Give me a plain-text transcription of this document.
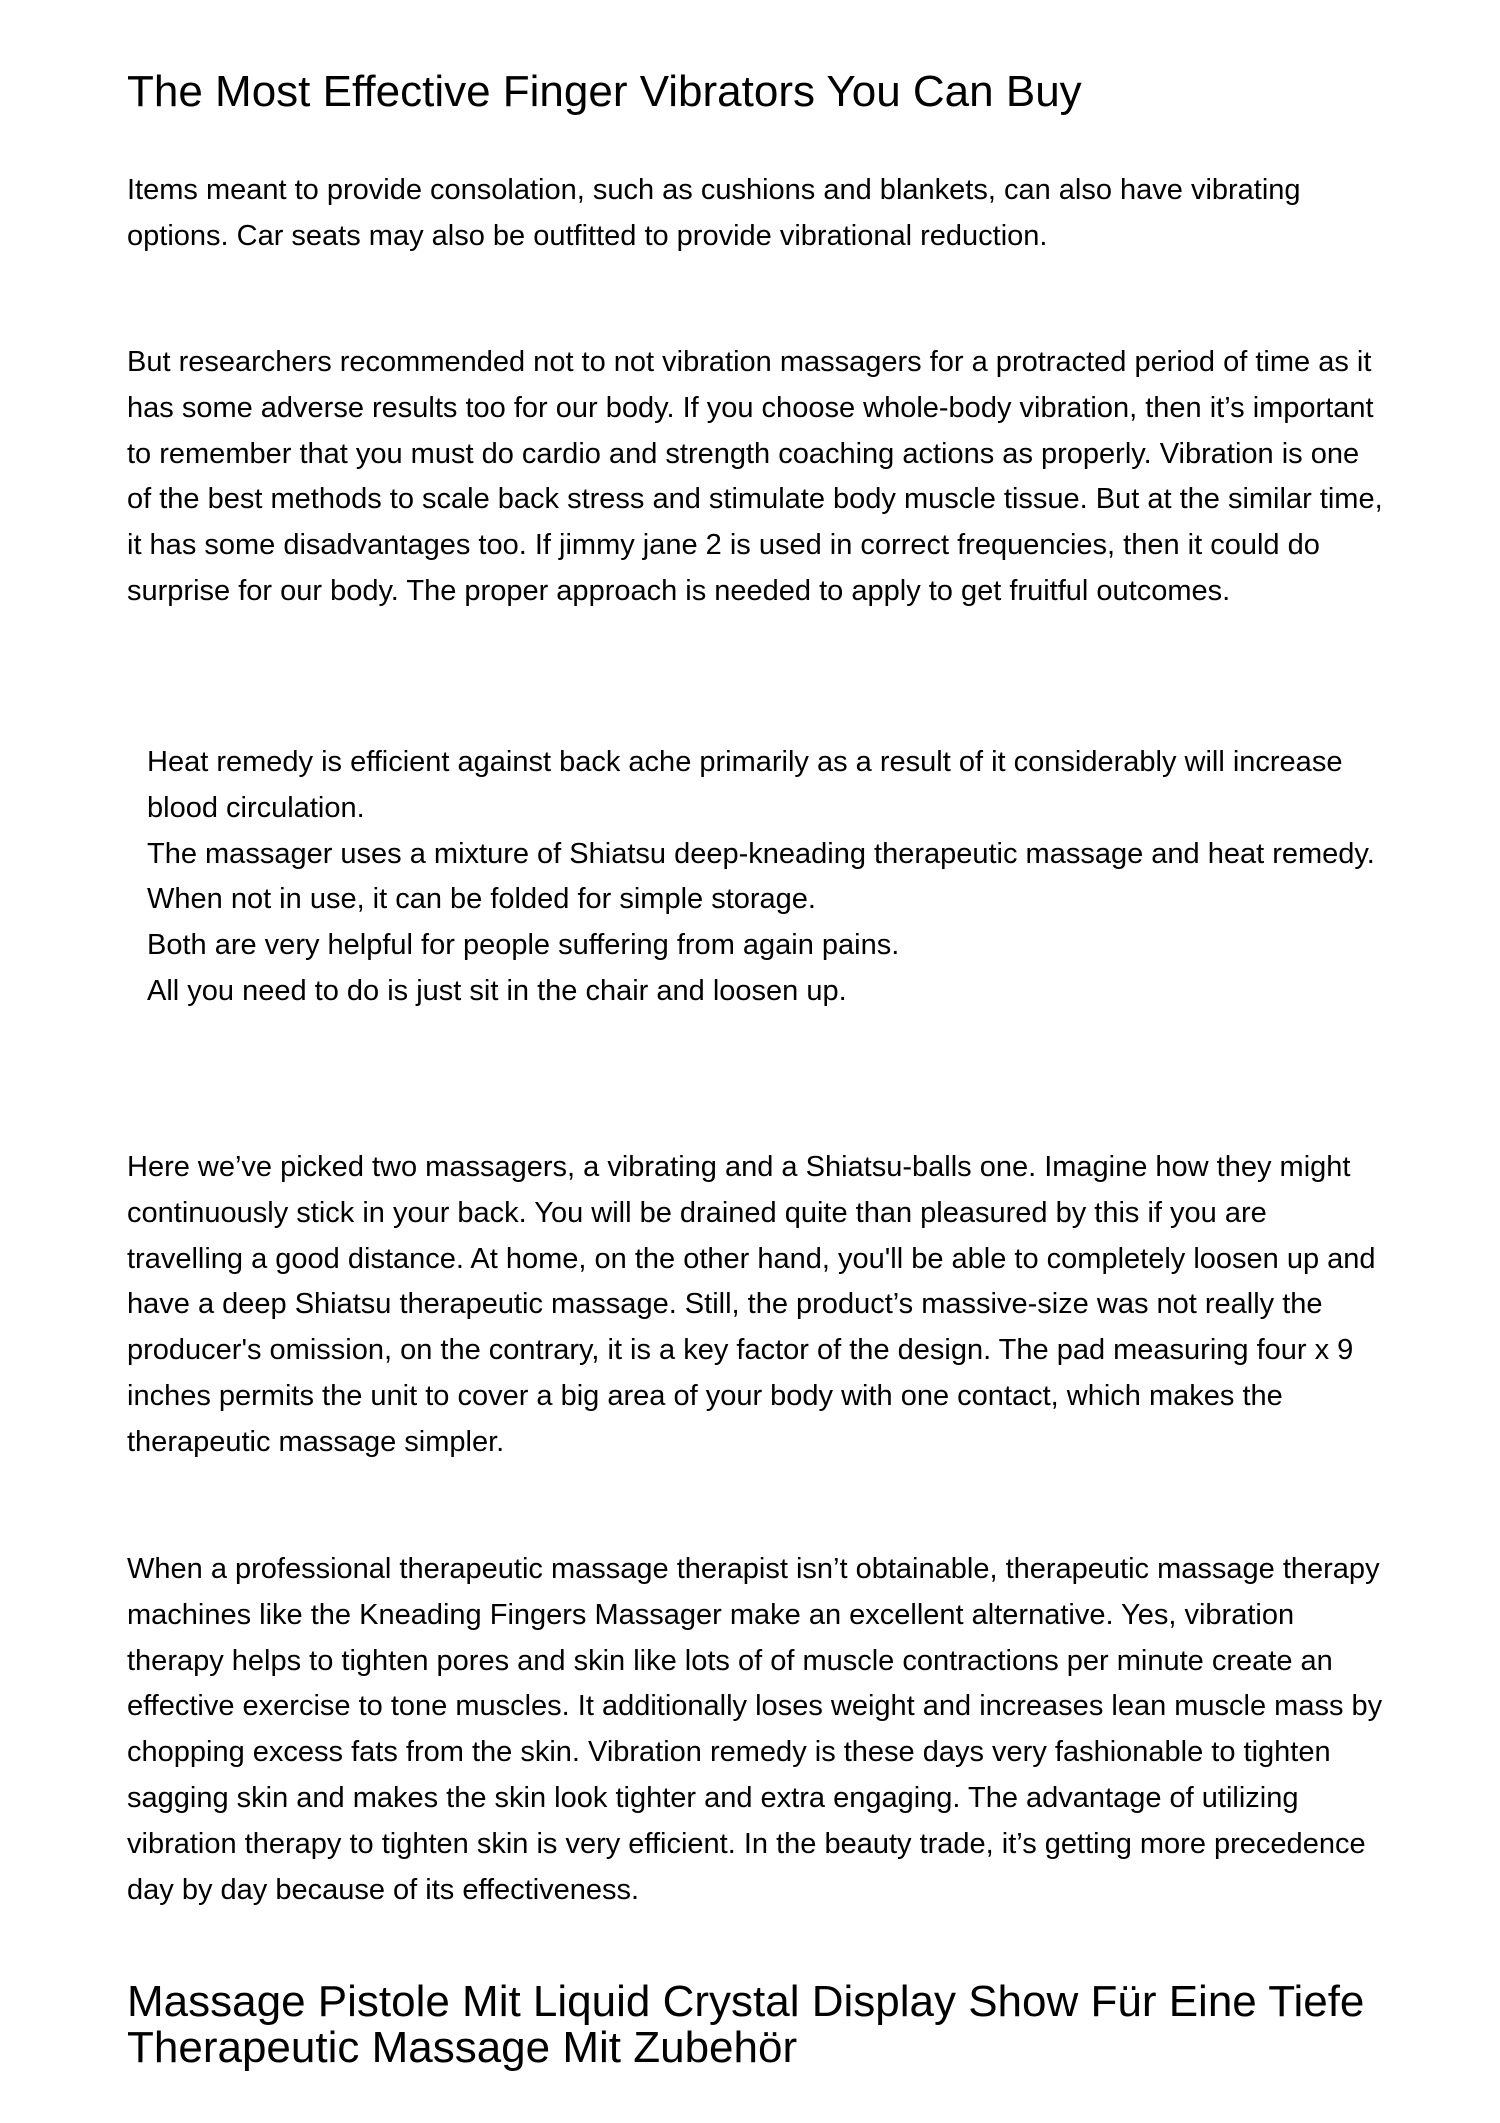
The Most Effective Finger Vibrators You Can Buy

Items meant to provide consolation, such as cushions and blankets, can also have vibrating options. Car seats may also be outfitted to provide vibrational reduction.

But researchers recommended not to not vibration massagers for a protracted period of time as it has some adverse results too for our body. If you choose whole-body vibration, then it’s important to remember that you must do cardio and strength coaching actions as properly. Vibration is one of the best methods to scale back stress and stimulate body muscle tissue. But at the similar time, it has some disadvantages too. If jimmy jane 2 is used in correct frequencies, then it could do surprise for our body. The proper approach is needed to apply to get fruitful outcomes.

Heat remedy is efficient against back ache primarily as a result of it considerably will increase blood circulation.
The massager uses a mixture of Shiatsu deep-kneading therapeutic massage and heat remedy.
When not in use, it can be folded for simple storage.
Both are very helpful for people suffering from again pains.
All you need to do is just sit in the chair and loosen up.

Here we’ve picked two massagers, a vibrating and a Shiatsu-balls one. Imagine how they might continuously stick in your back. You will be drained quite than pleasured by this if you are travelling a good distance. At home, on the other hand, you'll be able to completely loosen up and have a deep Shiatsu therapeutic massage. Still, the product’s massive-size was not really the producer's omission, on the contrary, it is a key factor of the design. The pad measuring four x 9 inches permits the unit to cover a big area of your body with one contact, which makes the therapeutic massage simpler.

When a professional therapeutic massage therapist isn’t obtainable, therapeutic massage therapy machines like the Kneading Fingers Massager make an excellent alternative. Yes, vibration therapy helps to tighten pores and skin like lots of of muscle contractions per minute create an effective exercise to tone muscles. It additionally loses weight and increases lean muscle mass by chopping excess fats from the skin. Vibration remedy is these days very fashionable to tighten sagging skin and makes the skin look tighter and extra engaging. The advantage of utilizing vibration therapy to tighten skin is very efficient. In the beauty trade, it’s getting more precedence day by day because of its effectiveness.

Massage Pistole Mit Liquid Crystal Display Show Für Eine Tiefe Therapeutic Massage Mit Zubehör
